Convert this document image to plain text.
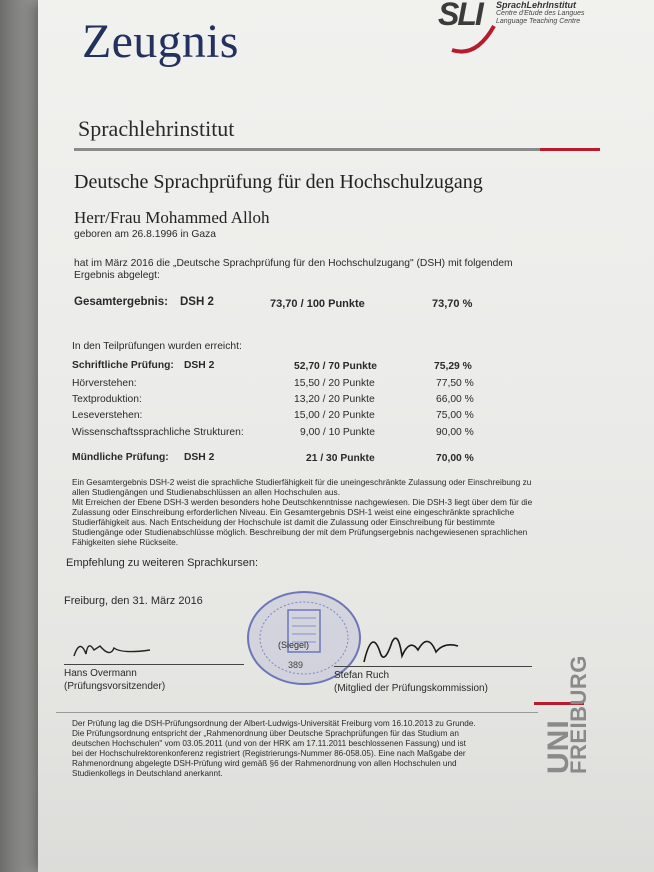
Zeugnis
SLI SprachLehrInstitut
Centre d'Etude des Langues
Language Teaching Centre
Sprachlehrinstitut
Deutsche Sprachprüfung für den Hochschulzugang
Herr/Frau Mohammed Alloh
geboren am 26.8.1996 in Gaza
hat im März 2016 die „Deutsche Sprachprüfung für den Hochschulzugang" (DSH) mit folgendem
Ergebnis abgelegt:
Gesamtergebnis: DSH 2	73,70 / 100 Punkte	73,70 %
In den Teilprüfungen wurden erreicht:
Schriftliche Prüfung: DSH 2	52,70 / 70 Punkte	75,29 %
Hörverstehen:	15,50 / 20 Punkte	77,50 %
Textproduktion:	13,20 / 20 Punkte	66,00 %
Leseverstehen:	15,00 / 20 Punkte	75,00 %
Wissenschaftssprachliche Strukturen:	9,00 / 10 Punkte	90,00 %
Mündliche Prüfung: DSH 2	21 / 30 Punkte	70,00 %
Ein Gesamtergebnis DSH-2 weist die sprachliche Studierfähigkeit für die uneingeschränkte Zulassung oder Einschreibung zu
allen Studiengängen und Studienabschlüssen an allen Hochschulen aus.
Mit Erreichen der Ebene DSH-3 werden besonders hohe Deutschkenntnisse nachgewiesen. Die DSH-3 liegt über dem für die
Zulassung oder Einschreibung erforderlichen Niveau. Ein Gesamtergebnis DSH-1 weist eine eingeschränkte sprachliche
Studierfähigkeit aus. Nach Entscheidung der Hochschule ist damit die Zulassung oder Einschreibung für bestimmte
Studiengänge oder Studienabschlüsse möglich. Beschreibung der mit dem Prüfungsergebnis nachgewiesenen sprachlichen
Fähigkeiten siehe Rückseite.
Empfehlung zu weiteren Sprachkursen:
Freiburg, den 31. März 2016
(Siegel)
389
Hans Overmann
(Prüfungsvorsitzender)
Stefan Ruch
(Mitglied der Prüfungskommission)
UNI
FREIBURG
Der Prüfung lag die DSH-Prüfungsordnung der Albert-Ludwigs-Universität Freiburg vom 16.10.2013 zu Grunde.
Die Prüfungsordnung entspricht der „Rahmenordnung über Deutsche Sprachprüfungen für das Studium an
deutschen Hochschulen" vom 03.05.2011 (und von der HRK am 17.11.2011 beschlossenen Fassung) und ist
bei der Hochschulrektorenkonferenz registriert (Registrierungs-Nummer 86-058.05). Eine nach Maßgabe der
Rahmenordnung abgelegte DSH-Prüfung wird gemäß §6 der Rahmenordnung von allen Hochschulen und
Studienkollegs in Deutschland anerkannt.
